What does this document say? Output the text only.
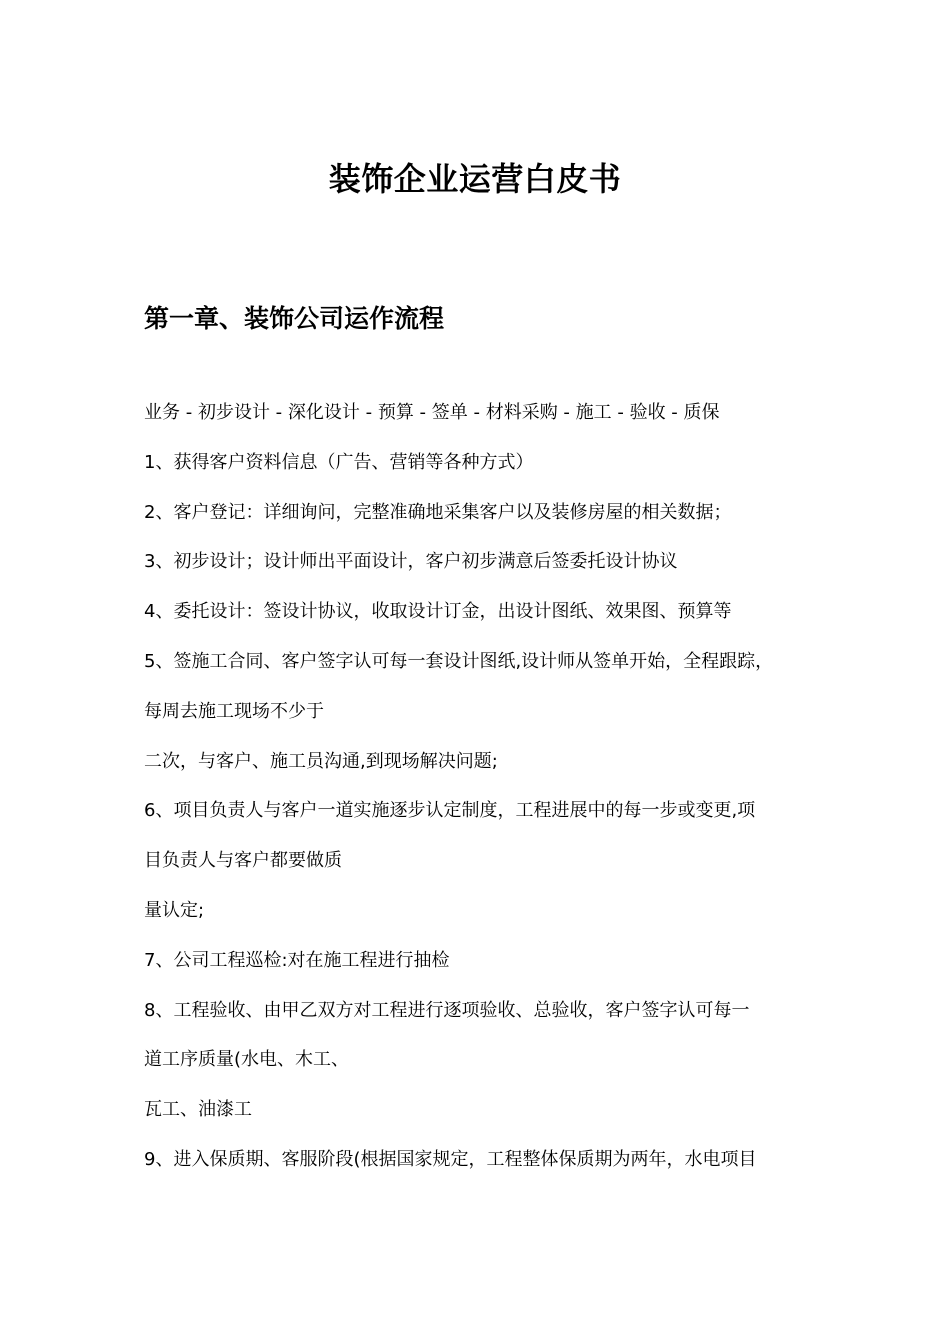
装饰企业运营白皮书
第一章、装饰公司运作流程
业务 - 初步设计 - 深化设计 - 预算 - 签单 - 材料采购 - 施工 - 验收 - 质保
1、获得客户资料信息（广告、营销等各种方式）
2、客户登记：详细询问，完整准确地采集客户以及装修房屋的相关数据；
3、初步设计；设计师出平面设计，客户初步满意后签委托设计协议
4、委托设计：签设计协议，收取设计订金，出设计图纸、效果图、预算等
5、签施工合同、客户签字认可每一套设计图纸,设计师从签单开始，全程跟踪，
每周去施工现场不少于
二次，与客户、施工员沟通,到现场解决问题;
6、项目负责人与客户一道实施逐步认定制度，工程进展中的每一步或变更,项
目负责人与客户都要做质
量认定;
7、公司工程巡检:对在施工程进行抽检
8、工程验收、由甲乙双方对工程进行逐项验收、总验收，客户签字认可每一
道工序质量(水电、木工、
瓦工、油漆工
9、进入保质期、客服阶段(根据国家规定，工程整体保质期为两年，水电项目
